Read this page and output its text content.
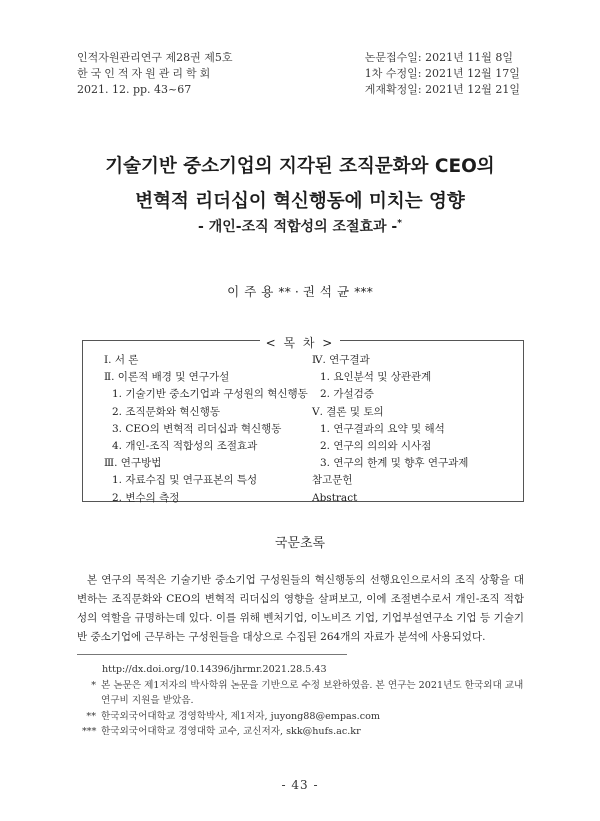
인적자원관리연구 제28권 제5호
한국인적자원관리학회
2021. 12. pp. 43~67
논문접수일: 2021년 11월 8일
1차 수정일: 2021년 12월 17일
게재확정일: 2021년 12월 21일
기술기반 중소기업의 지각된 조직문화와 CEO의
변혁적 리더십이 혁신행동에 미치는 영향
- 개인-조직 적합성의 조절효과 -*
이주용** · 권석균***
< 목 차 >
Ⅰ. 서 론
Ⅱ. 이론적 배경 및 연구가설
1. 기술기반 중소기업과 구성원의 혁신행동
2. 조직문화와 혁신행동
3. CEO의 변혁적 리더십과 혁신행동
4. 개인-조직 적합성의 조절효과
Ⅲ. 연구방법
1. 자료수집 및 연구표본의 특성
2. 변수의 측정
Ⅳ. 연구결과
1. 요인분석 및 상관관계
2. 가설검증
Ⅴ. 결론 및 토의
1. 연구결과의 요약 및 해석
2. 연구의 의의와 시사점
3. 연구의 한계 및 향후 연구과제
참고문헌
Abstract
국문초록
본 연구의 목적은 기술기반 중소기업 구성원들의 혁신행동의 선행요인으로서의 조직 상황을 대변하는 조직문화와 CEO의 변혁적 리더십의 영향을 살펴보고, 이에 조절변수로서 개인-조직 적합성의 역할을 규명하는데 있다. 이를 위해 벤처기업, 이노비즈 기업, 기업부설연구소 기업 등 기술기반 중소기업에 근무하는 구성원들을 대상으로 수집된 264개의 자료가 분석에 사용되었다.
http://dx.doi.org/10.14396/jhrmr.2021.28.5.43
* 본 논문은 제1저자의 박사학위 논문을 기반으로 수정 보완하였음. 본 연구는 2021년도 한국외대 교내연구비 지원을 받았음.
** 한국외국어대학교 경영학박사, 제1저자, juyong88@empas.com
*** 한국외국어대학교 경영대학 교수, 교신저자, skk@hufs.ac.kr
- 43 -
